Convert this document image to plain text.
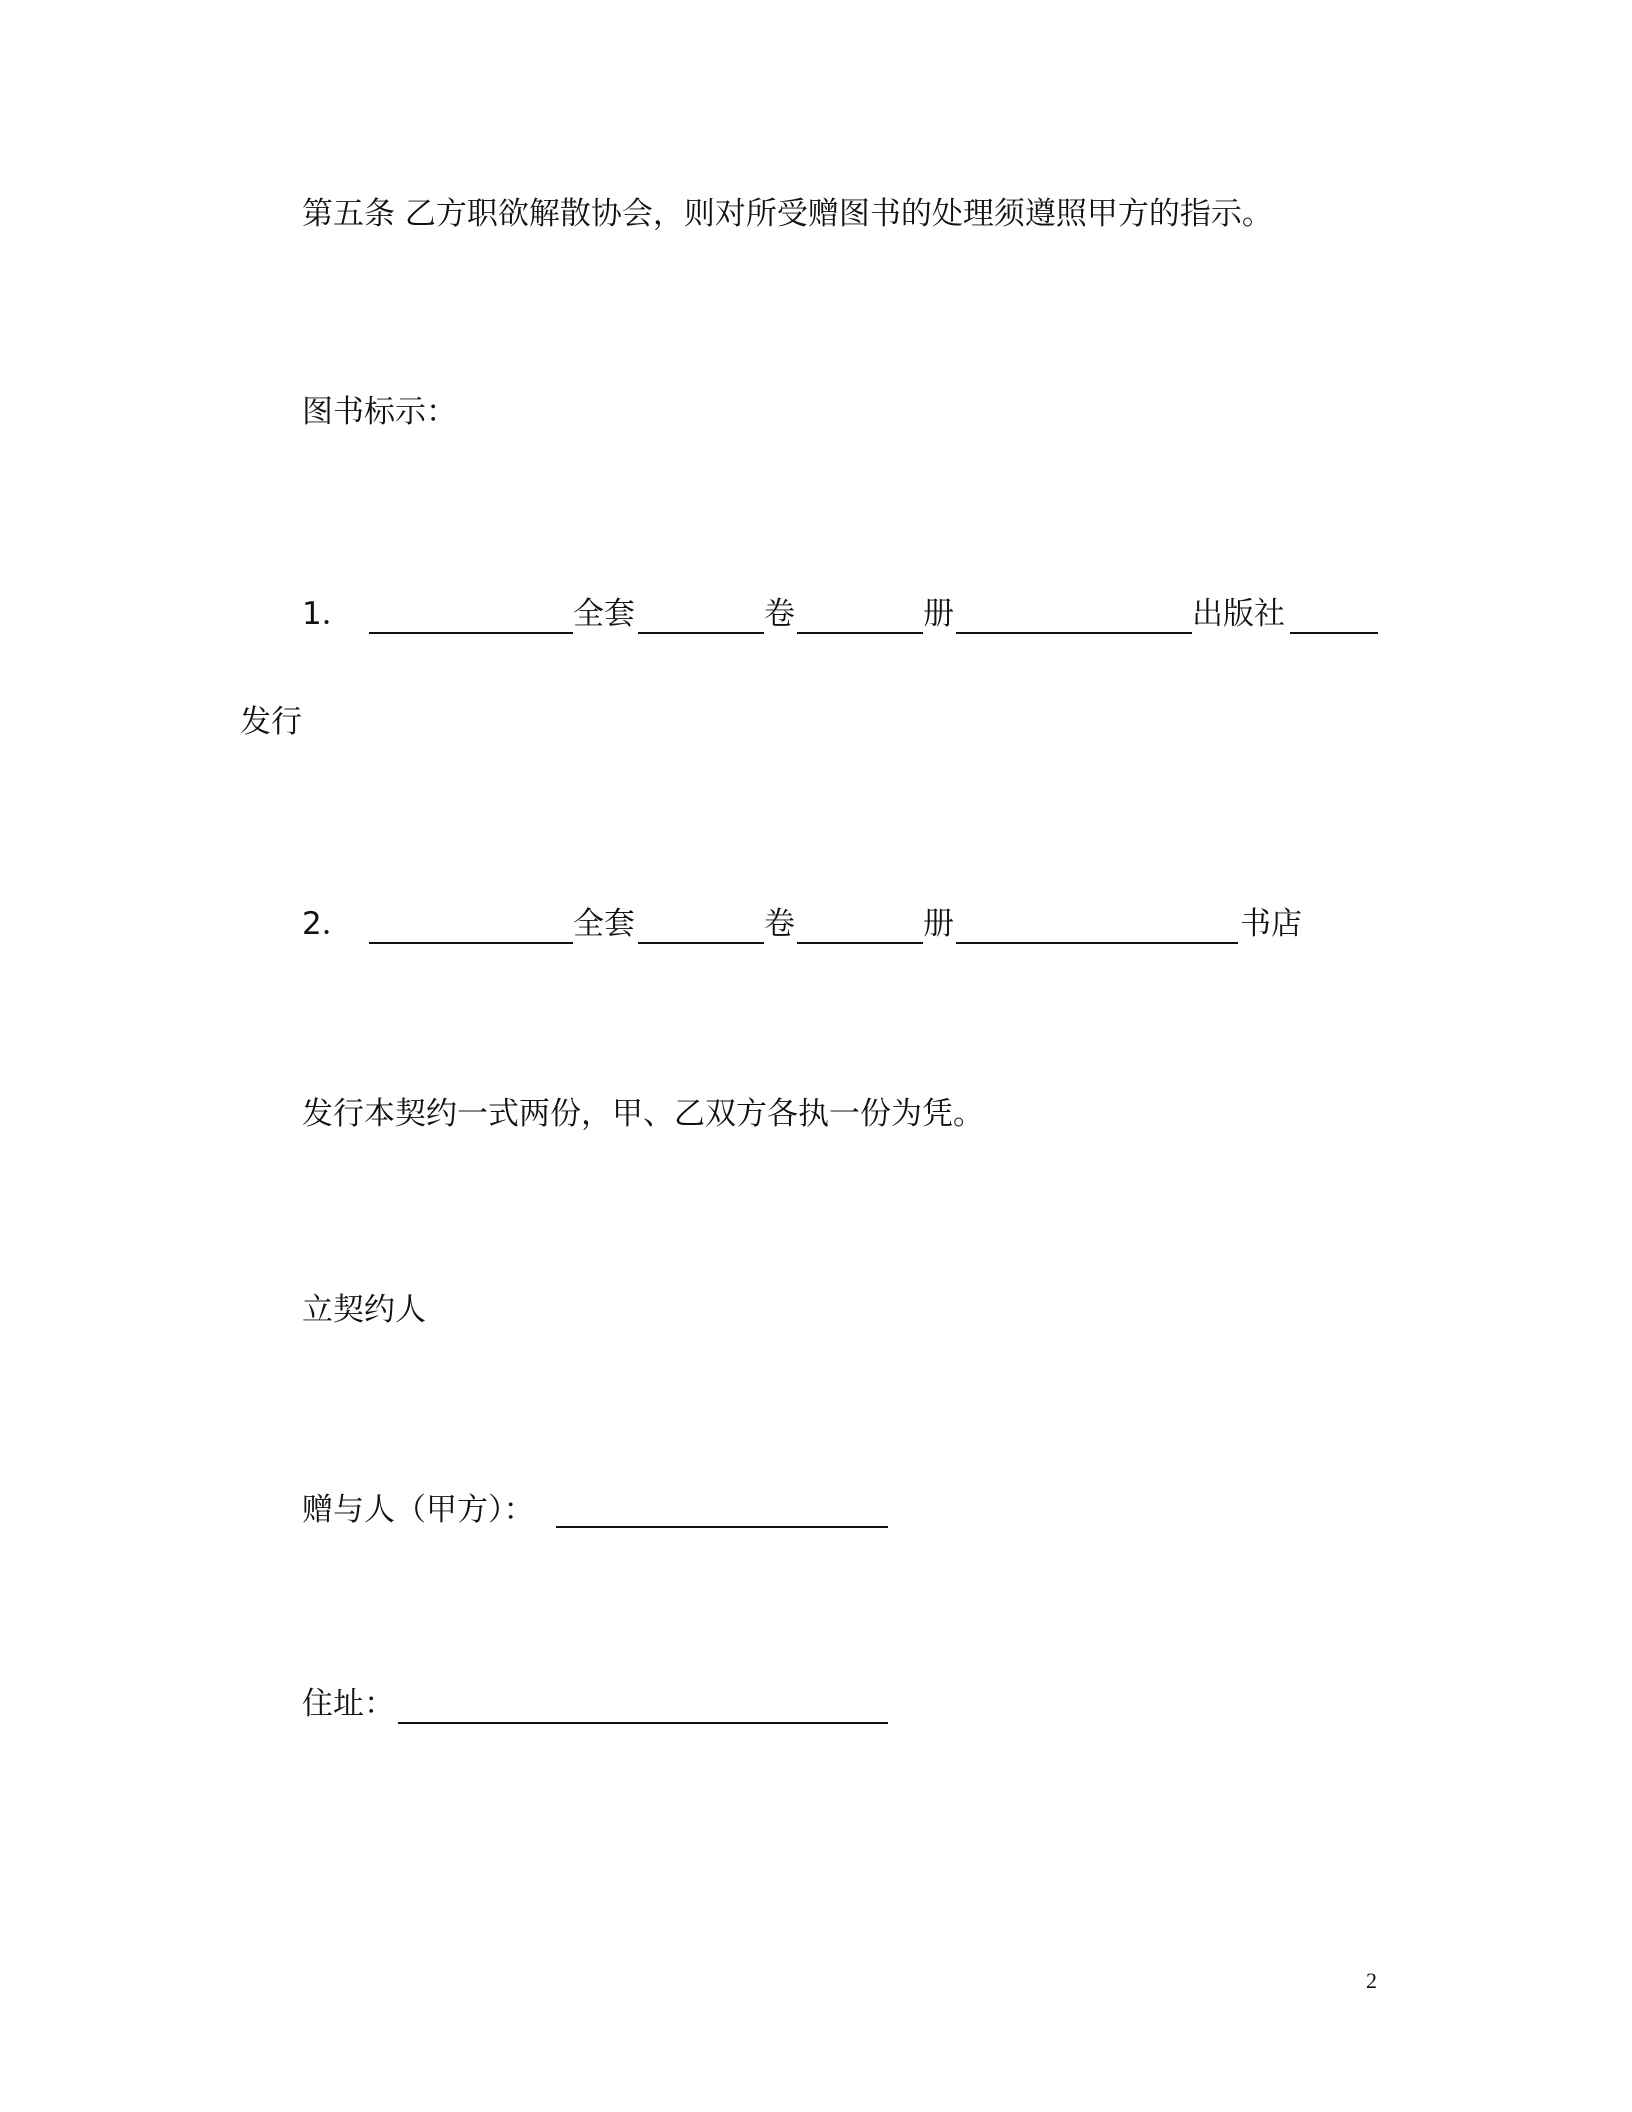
第五条 乙方职欲解散协会，则对所受赠图书的处理须遵照甲方的指示。
图书标示：
1．	全套	卷	册	出版社
发行
2．	全套	卷	册	书店
发行本契约一式两份，甲、乙双方各执一份为凭。
立契约人
赠与人（甲方）：
住址：
2
